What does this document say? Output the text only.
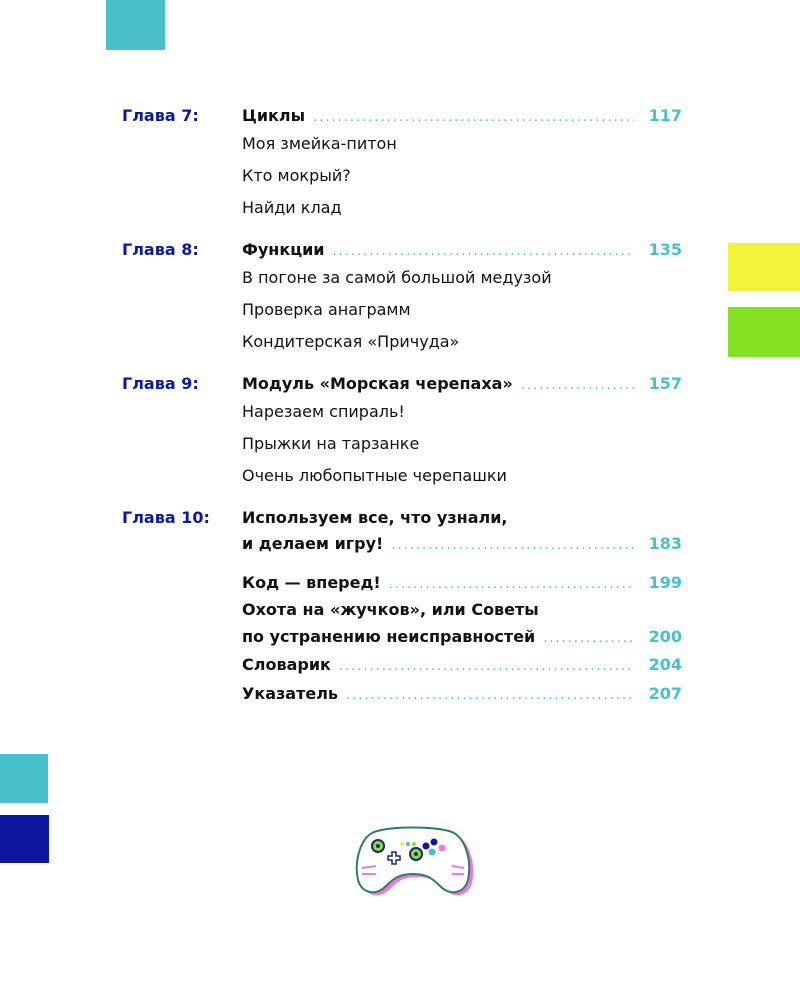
Глава 7:	Циклы .....	117
Моя змейка-питон
Кто мокрый?
Найди клад
Глава 8:	Функции .....	135
В погоне за самой большой медузой
Проверка анаграмм
Кондитерская «Причуда»
Глава 9:	Модуль «Морская черепаха» .....	157
Нарезаем спираль!
Прыжки на тарзанке
Очень любопытные черепашки
Глава 10: Используем все, что узнали,
и делаем игру! .....	183
Код — вперед! .....	199
Охота на «жучков», или Советы
по устранению неисправностей .....	200
Словарик .....	204
Указатель .....	207
